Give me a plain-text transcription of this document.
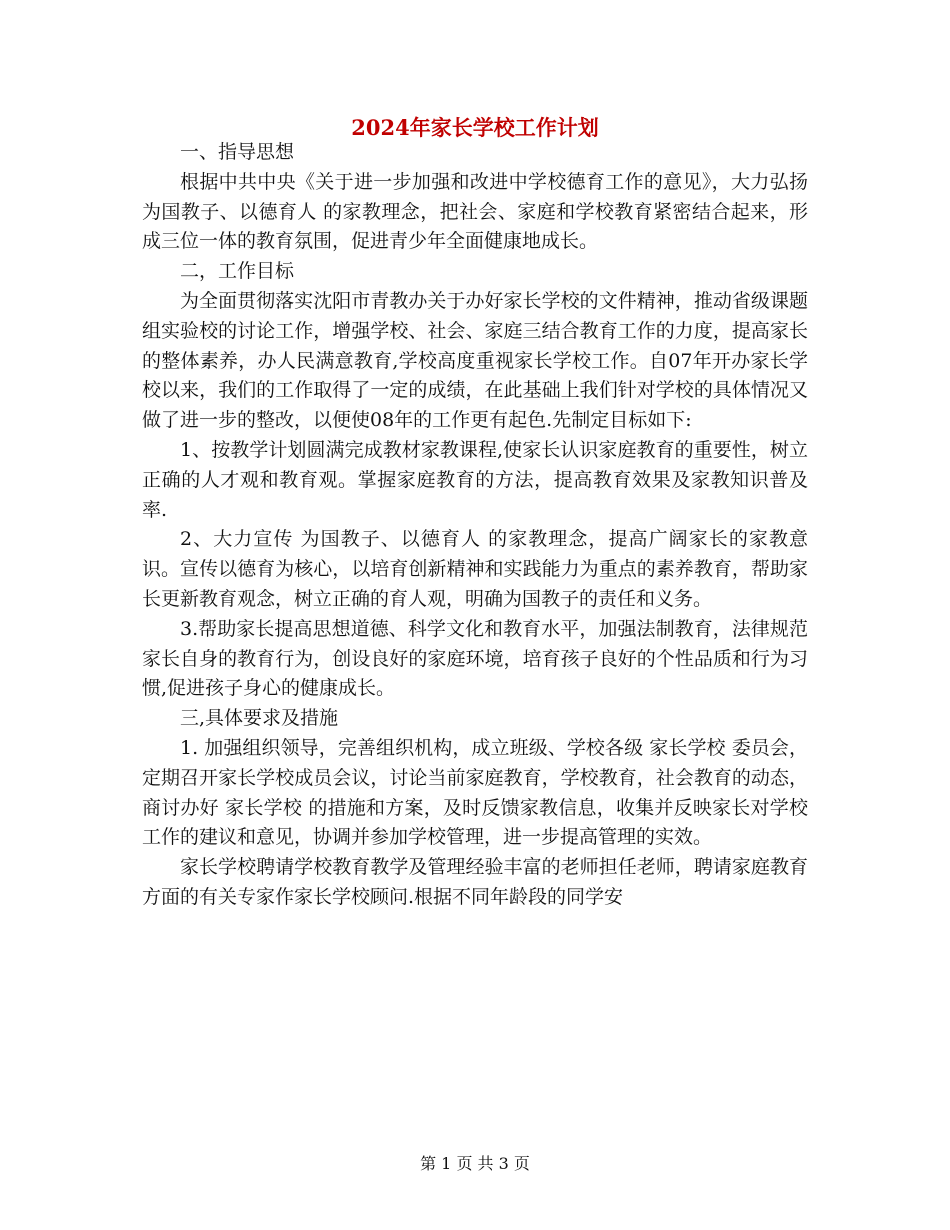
2024年家长学校工作计划

一、指导思想

根据中共中央《关于进一步加强和改进中学校德育工作的意见》，大力弘扬 为国教子、以德育人 的家教理念，把社会、家庭和学校教育紧密结合起来，形成三位一体的教育氛围，促进青少年全面健康地成长。

二，工作目标

为全面贯彻落实沈阳市青教办关于办好家长学校的文件精神，推动省级课题组实验校的讨论工作，增强学校、社会、家庭三结合教育工作的力度，提高家长的整体素养，办人民满意教育,学校高度重视家长学校工作。自07年开办家长学校以来，我们的工作取得了一定的成绩，在此基础上我们针对学校的具体情况又做了进一步的整改，以便使08年的工作更有起色.先制定目标如下:

1、按教学计划圆满完成教材家教课程,使家长认识家庭教育的重要性，树立正确的人才观和教育观。掌握家庭教育的方法，提高教育效果及家教知识普及率.

2、大力宣传 为国教子、以德育人 的家教理念，提高广阔家长的家教意识。宣传以德育为核心，以培育创新精神和实践能力为重点的素养教育，帮助家长更新教育观念，树立正确的育人观，明确为国教子的责任和义务。

3.帮助家长提高思想道德、科学文化和教育水平，加强法制教育，法律规范家长自身的教育行为，创设良好的家庭环境，培育孩子良好的个性品质和行为习惯,促进孩子身心的健康成长。

三,具体要求及措施

1. 加强组织领导，完善组织机构，成立班级、学校各级 家长学校 委员会，定期召开家长学校成员会议，讨论当前家庭教育，学校教育，社会教育的动态，商讨办好 家长学校 的措施和方案，及时反馈家教信息，收集并反映家长对学校工作的建议和意见，协调并参加学校管理，进一步提高管理的实效。

家长学校聘请学校教育教学及管理经验丰富的老师担任老师，聘请家庭教育方面的有关专家作家长学校顾问.根据不同年龄段的同学安

第 1 页 共 3 页
